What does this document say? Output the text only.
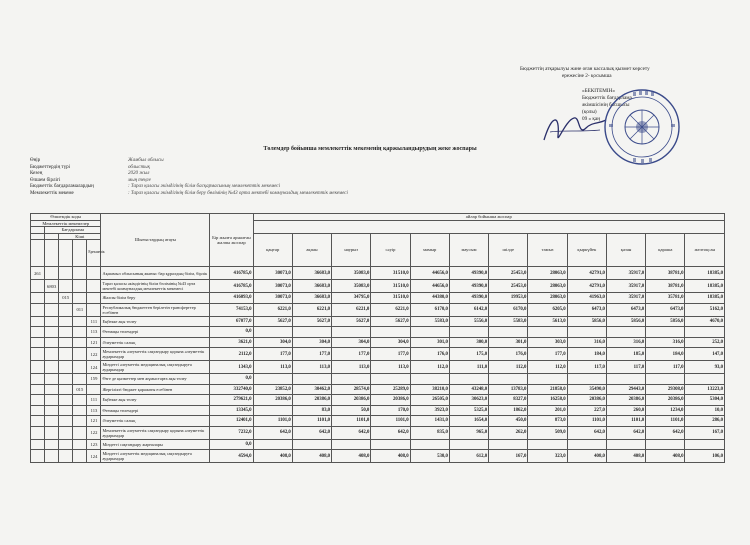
Бюджеттің атқарылуы және оған кассалық қызмет көрсету
ережесіне 2- қосымша
«БЕКІТЕМІН»
Бюджеттік бағдарлама
әкімшісінің басшысы
(қолы)
09 » қаң
Төлемдер бойынша мемлекеттік мекеменің қаржыландырудың жеке жоспары
Өңір	Жамбыл облысы
Бюджеттердің түрі	облыстық
Кезең	2020 жыл
Өлшем бірлігі	мың теңге
Бюджеттік бағдарламалардың	: Тараз қаласы әкімдігінің білім басқармасының мемлекеттік мекемесі
Мемлекеттік мекеме	: Тараз қаласы әкімдігінің білім беру бөлімінің №43 орта мектебі коммуналдық мемлекеттік мекемесі
Өлшемдік коды					Шығыстардың атауы	Бір жылға арналған жалпы жоспар	айлар бойынша жоспар											
Мемлекеттік мекемелер																		
	Бағдарлама																	
		Кіші					қаңтар	ақпан	наурыз	сәуір	мамыр	маусым	шілде	тамыз	қыркүйек	қазан	қараша	желтоқсан
				Ерекшелік														
261					Ақшамыл облысының жыныс бар құралдың білім, бірлік	416785,0	30073,0	36683,0	35083,0	31510,0	44656,0	49390,0	25453,0	28063,0	42791,0	35917,0	38781,0	18385,0
	6803				Тараз қаласы әкімдігінің білім бөлімінің №43 орта мектебі коммуналдық мемлекеттік мекемесі	416785,0	30073,0	36683,0	35083,0	31510,0	44656,0	49390,0	25453,0	28063,0	42791,0	35917,0	38781,0	18385,0
		015			Жалпы білім беру	416093,0	30073,0	36683,0	34795,0	31510,0	44380,0	49390,0	19953,0	28063,0	41963,0	35917,0	35781,0	18385,0
			011		Республикалық бюджеттен берілетін трансферттер есебінен	74153,0	6221,0	6221,0	6221,0	6221,0	6170,0	6142,0	6170,0	6205,0	6473,0	6473,0	6473,0	5162,0
				111	Еңбекке ақы төлеу	67077,0	5627,0	5627,0	5627,0	5627,0	5583,0	5556,0	5583,0	5613,0	5856,0	5856,0	5856,0	4670,0
				113	Өтемақы төлемдері	0,0												
				121	Әлеуметтік салық	3621,0	304,0	304,0	304,0	304,0	301,0	300,0	301,0	303,0	316,0	316,0	316,0	252,0
				122	Мемлекеттік әлеуметтік сақтандыру қорына әлеуметтік аударымдар	2112,0	177,0	177,0	177,0	177,0	176,0	175,0	176,0	177,0	184,0	185,0	184,0	147,0
				124	Міндетті әлеуметтік медициналық сақтандыруға аударымдар	1343,0	113,0	113,0	113,0	113,0	112,0	111,0	112,0	112,0	117,0	117,0	117,0	93,0
				159	Өзге де қызметтер мен жұмыстарға ақы төлеу	0,0												
			015		Жергілікті бюджет қаражаты есебінен	332740,0	23852,0	30462,0	28574,0	25289,0	38210,0	43248,0	13783,0	21858,0	35490,0	29443,0	29308,0	13223,0
				111	Еңбекке ақы төлеу	279621,0	20386,0	20386,0	20386,0	20386,0	26505,0	30623,0	8327,0	16258,0	20386,0	20386,0	20386,0	5304,0
				113	Өтемақы төлемдері	13345,0		83,0	50,0	170,0	3923,0	5325,0	1862,0	201,0	227,0	260,0	1234,0	10,0
				121	Әлеуметтік салық	12401,0	1101,0	1101,0	1101,0	1101,0	1431,0	1654,0	450,0	873,0	1101,0	1101,0	1101,0	286,0
				122	Мемлекеттік әлеуметтік сақтандыру қорына әлеуметтік аударымдар	7232,0	642,0	642,0	642,0	642,0	835,0	965,0	262,0	509,0	642,0	642,0	642,0	167,0
				123	Міндетті сақтандыру жарналары	0,0												
				124	Міндетті әлеуметтік медициналық сақтандыруға аударымдар	4594,0	408,0	408,0	408,0	408,0	530,0	612,0	167,0	323,0	408,0	408,0	408,0	106,0
